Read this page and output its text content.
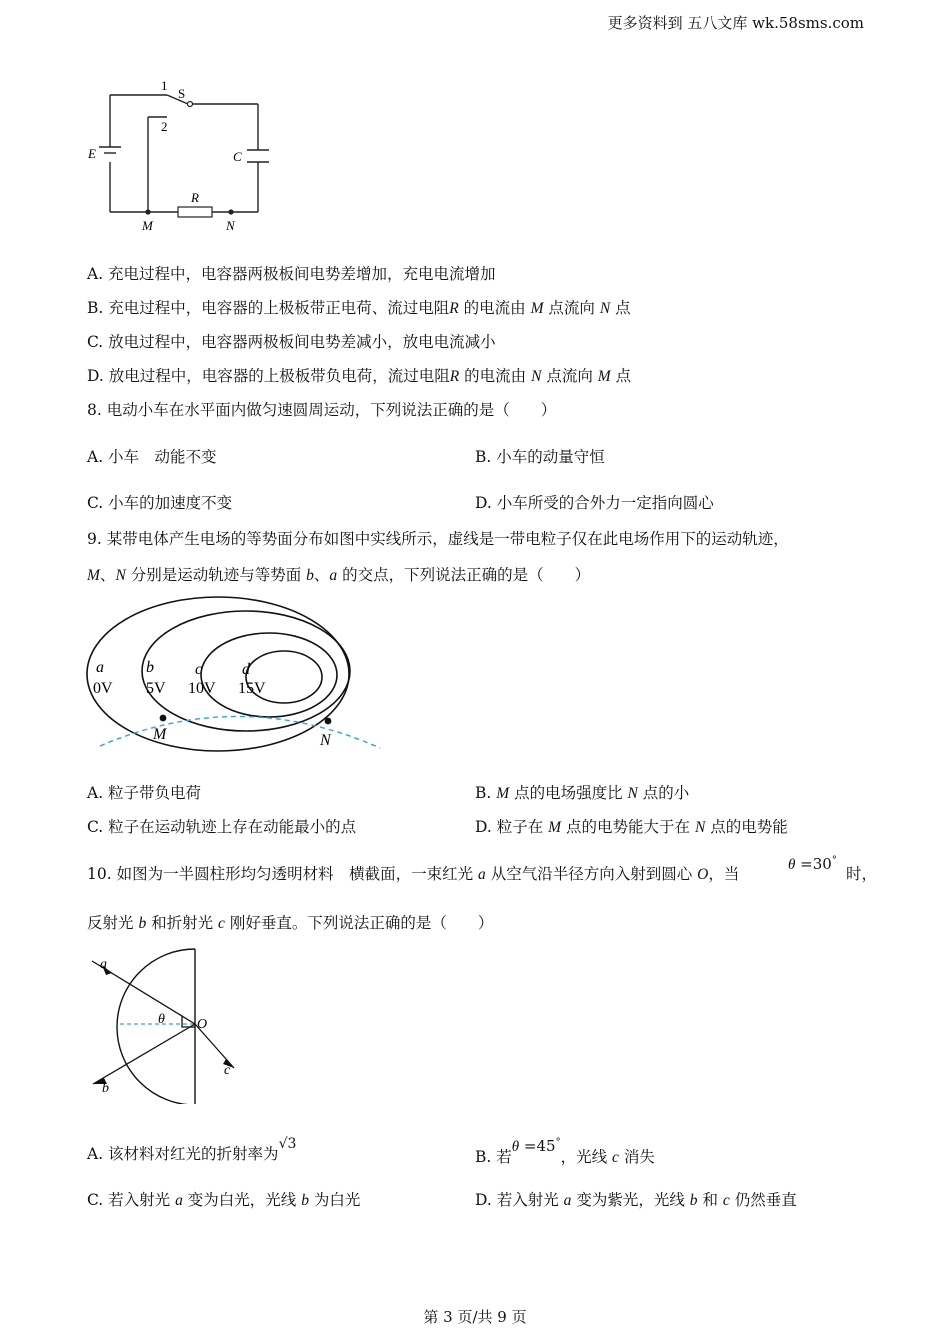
更多资料到 五八文库 wk.58sms.com
1
S
2
E	C
R
M	N
A. 充电过程中，电容器两极板间电势差增加，充电电流增加
B. 充电过程中，电容器的上极板带正电荷、流过电阻R 的电流由 M 点流向 N 点
C. 放电过程中，电容器两极板间电势差减小，放电电流减小
D. 放电过程中，电容器的上极板带负电荷，流过电阻R 的电流由 N 点流向 M 点
8. 电动小车在水平面内做匀速圆周运动，下列说法正确的是（　　）
A. 小车　动能不变	B. 小车的动量守恒
C. 小车的加速度不变	D. 小车所受的合外力一定指向圆心
9. 某带电体产生电场的等势面分布如图中实线所示，虚线是一带电粒子仅在此电场作用下的运动轨迹，
M、N 分别是运动轨迹与等势面 b、a 的交点，下列说法正确的是（　　）
a
0V
b
5V
c
10V
d
15V
M	N
A. 粒子带负电荷	B. M 点的电场强度比 N 点的小
C. 粒子在运动轨迹上存在动能最小的点	D. 粒子在 M 点的电势能大于在 N 点的电势能
10. 如图为一半圆柱形均匀透明材料　横截面，一束红光 a 从空气沿半径方向入射到圆心 O，当	θ =30°
时，
反射光 b 和折射光 c 刚好垂直。下列说法正确的是（　　）
a
b
c
θ O
A. 该材料对红光的折射率为√3
B. 若θ =45°，光线 c 消失
C. 若入射光 a 变为白光，光线 b 为白光	D. 若入射光 a 变为紫光，光线 b 和 c 仍然垂直
第 3 页/共 9 页
